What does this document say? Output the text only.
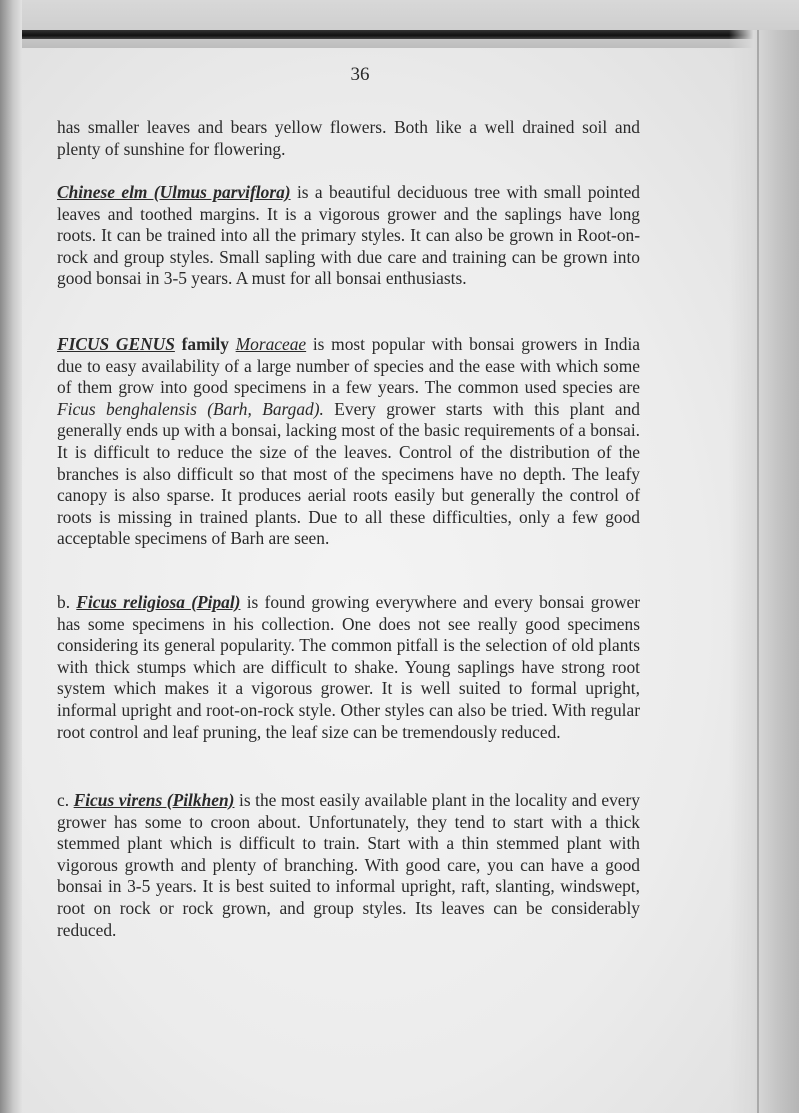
36

has smaller leaves and bears yellow flowers. Both like a well drained soil and plenty of sunshine for flowering.

Chinese elm (Ulmus parviflora) is a beautiful deciduous tree with small pointed leaves and toothed margins. It is a vigorous grower and the saplings have long roots. It can be trained into all the primary styles. It can also be grown in Root-on-rock and group styles. Small sapling with due care and training can be grown into good bonsai in 3-5 years. A must for all bonsai enthusiasts.

FICUS GENUS family Moraceae is most popular with bonsai growers in India due to easy availability of a large number of species and the ease with which some of them grow into good specimens in a few years. The common used species are Ficus benghalensis (Barh, Bargad). Every grower starts with this plant and generally ends up with a bonsai, lacking most of the basic requirements of a bonsai. It is difficult to reduce the size of the leaves. Control of the distribution of the branches is also difficult so that most of the specimens have no depth. The leafy canopy is also sparse. It produces aerial roots easily but generally the control of roots is missing in trained plants. Due to all these difficulties, only a few good acceptable specimens of Barh are seen.

b. Ficus religiosa (Pipal) is found growing everywhere and every bonsai grower has some specimens in his collection. One does not see really good specimens considering its general popularity. The common pitfall is the selection of old plants with thick stumps which are difficult to shake. Young saplings have strong root system which makes it a vigorous grower. It is well suited to formal upright, informal upright and root-on-rock style. Other styles can also be tried. With regular root control and leaf pruning, the leaf size can be tremendously reduced.

c. Ficus virens (Pilkhen) is the most easily available plant in the locality and every grower has some to croon about. Unfortunately, they tend to start with a thick stemmed plant which is difficult to train. Start with a thin stemmed plant with vigorous growth and plenty of branching. With good care, you can have a good bonsai in 3-5 years. It is best suited to informal upright, raft, slanting, windswept, root on rock or rock grown, and group styles. Its leaves can be considerably reduced.
